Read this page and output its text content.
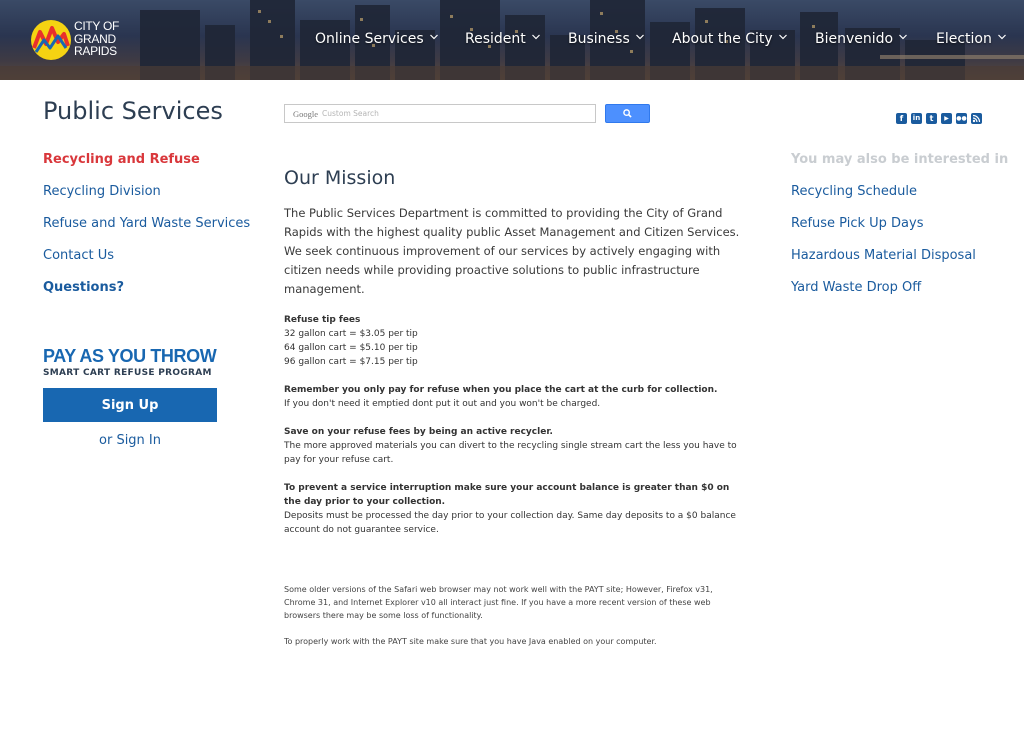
CITY OF
GRAND
RAPIDS
Online Services	Resident	Business	About the City	Bienvenido	Election
Public Services
Recycling and Refuse
Recycling Division
Refuse and Yard Waste Services
Contact Us
Questions?
PAY AS YOU THROW
SMART CART REFUSE PROGRAM
Sign Up
or Sign In
Google
Custom Search	f	in	t	▶	●●
Our Mission

The Public Services Department is committed to providing the City of Grand Rapids with the highest quality public Asset Management and Citizen Services.

We seek continuous improvement of our services by actively engaging with citizen needs while providing proactive solutions to public infrastructure management.

Refuse tip fees
32 gallon cart = $3.05 per tip
64 gallon cart = $5.10 per tip
96 gallon cart = $7.15 per tip
Remember you only pay for refuse when you place the cart at the curb for collection.
If you don't need it emptied dont put it out and you won't be charged.
Save on your refuse fees by being an active recycler.
The more approved materials you can divert to the recycling single stream cart the less you have to pay for your refuse cart.
To prevent a service interruption make sure your account balance is greater than $0 on the day prior to your collection.
Deposits must be processed the day prior to your collection day. Same day deposits to a $0 balance account do not guarantee service.
Some older versions of the Safari web browser may not work well with the PAYT site; However, Firefox v31, Chrome 31, and Internet Explorer v10 all interact just fine. If you have a more recent version of these web browsers there may be some loss of functionality.
To properly work with the PAYT site make sure that you have Java enabled on your computer.
You may also be interested in
Recycling Schedule
Refuse Pick Up Days
Hazardous Material Disposal
Yard Waste Drop Off
